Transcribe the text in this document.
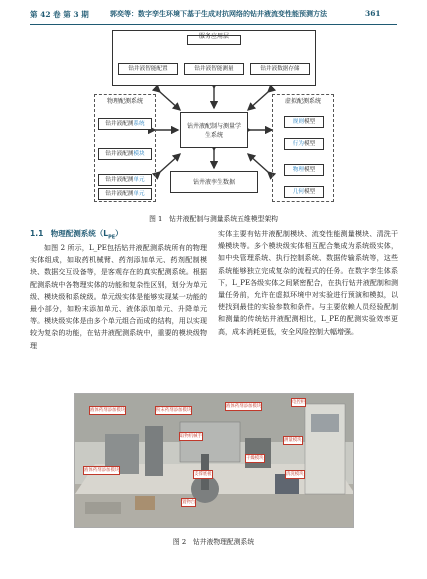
第 42 卷 第 3 期	郭奕等：数字孪生环境下基于生成对抗网络的钻井液流变性能预测方法	361
服务应用层
钻井液智能配置	钻井液智能测量	钻井液数据存储
物理配测系统
钻井液配测系统
钻井液配测模块
钻井液配测单元
钻井液配测单元
钻井液配制与测量学生系统
钻井液孪生数据
虚拟配测系统
规则模型
行为模型
物理模型
几何模型
图 1　钻井液配制与测量系统五维模型架构
1.1　物理配测系统$(L_{PE})$
如图 2 所示，L_PE包括钻井液配测系统所有的物理实体组成，如取药机械臂、药剂添加单元、药剂配制模块、数据交互设备等，是客观存在的真实配测系统。根据配测系统中各物理实体的功能和复杂性区别，划分为单元级、模块级和系统级。单元级实体是能够实现某一功能的最小部分，如粉末添加单元、液体添加单元、升降单元等。模块级实体是由多个单元组合而成的结构，用以实现较为复杂的功能，在钻井液配测系统中，重要的模块级物理
实体主要有钻井液配制模块、流变性能测量模块、清洗干燥模块等。多个模块级实体相互配合集成为系统级实体，如中央管理系统、执行控制系统、数据传输系统等，这些系统能够独立完成复杂的流程式的任务。在数字孪生体系下，L_PE各级实体之间紧密配合，在执行钻井液配制和测量任务前，允许在虚拟环境中对实验进行预演和模拟，以使找到最佳的实验参数和条件。与主要依赖人员经验配制和测量的传统钻井液配测相比，L_PE的配测实验效率更高，成本消耗更低，安全风险控制大幅增强。
液体药剂添加模块	粉末药剂添加模块
液体药剂添加模块
电控柜
取物机械手
测量模块
干燥模块
液体药剂添加模块
支撑底板	清洗模块
置物台
图 2　钻井液物理配测系统
